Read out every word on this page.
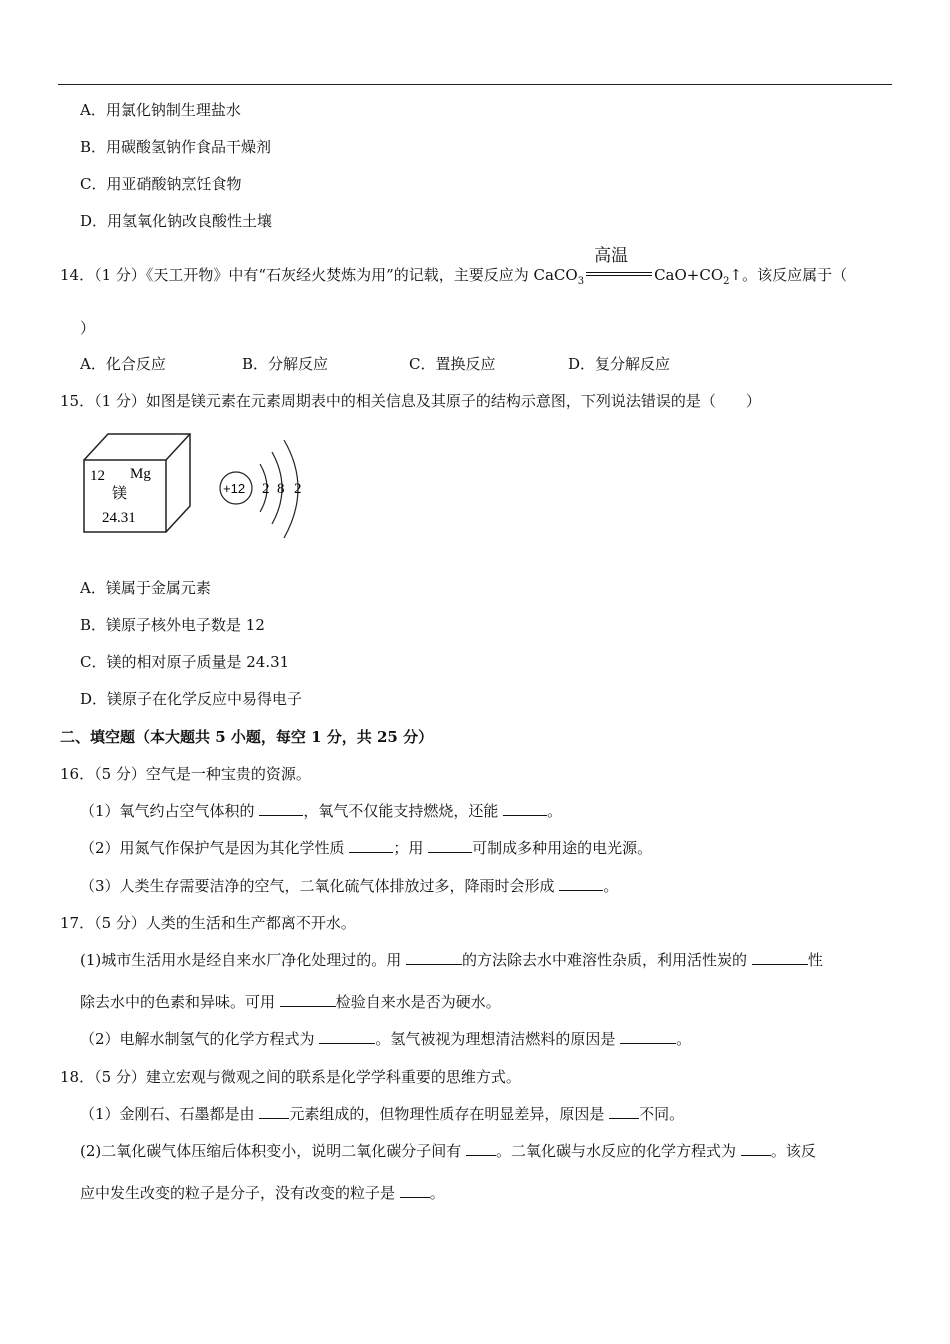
A．用氯化钠制生理盐水
B．用碳酸氢钠作食品干燥剂
C．用亚硝酸钠烹饪食物
D．用氢氧化钠改良酸性土壤
14．（1 分）《天工开物》中有“石灰经火焚炼为用”的记载，主要反应为 CaCO$_3$
高温
$CaO+CO_2↑$。该反应属于（
）
A．化合反应	B．分解反应	C．置换反应	D．复分解反应
15．（1 分）如图是镁元素在元素周期表中的相关信息及其原子的结构示意图，下列说法错误的是（　　）
12 Mg
镁
24.31
+12 2 8 2
A．镁属于金属元素
B．镁原子核外电子数是 12
C．镁的相对原子质量是 24.31
D．镁原子在化学反应中易得电子
二、填空题（本大题共 5 小题，每空 1 分，共 25 分）
16．（5 分）空气是一种宝贵的资源。
（1）氧气约占空气体积的	，氧气不仅能支持燃烧，还能	。
（2）用氮气作保护气是因为其化学性质	；用	可制成多种用途的电光源。
（3）人类生存需要洁净的空气，二氧化硫气体排放过多，降雨时会形成	。
17．（5 分）人类的生活和生产都离不开水。
(1)城市生活用水是经自来水厂净化处理过的。用	的方法除去水中难溶性杂质，利用活性炭的	性
除去水中的色素和异味。可用	检验自来水是否为硬水。
（2）电解水制氢气的化学方程式为	。氢气被视为理想清洁燃料的原因是	。
18．（5 分）建立宏观与微观之间的联系是化学学科重要的思维方式。
（1）金刚石、石墨都是由 元素组成的，但物理性质存在明显差异，原因是 不同。
(2)二氧化碳气体压缩后体积变小，说明二氧化碳分子间有 。二氧化碳与水反应的化学方程式为 。该反
应中发生改变的粒子是分子，没有改变的粒子是 。
